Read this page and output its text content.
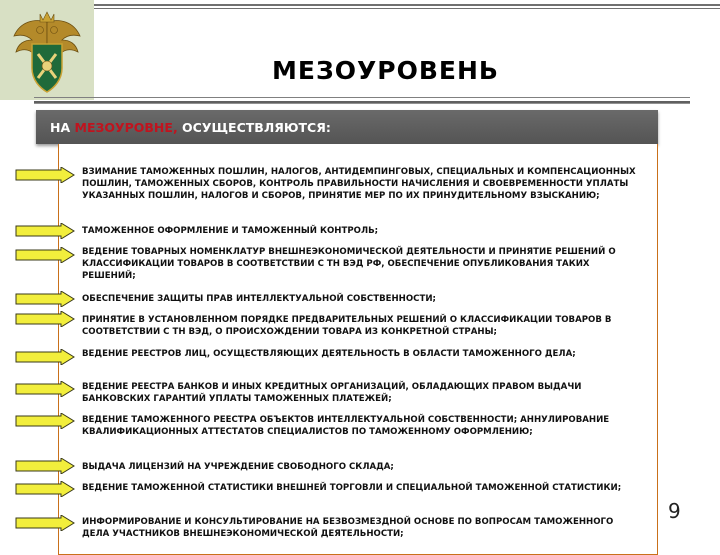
МЕЗОУРОВЕНЬ
НА МЕЗОУРОВНЕ, ОСУЩЕСТВЛЯЮТСЯ:
ВЗИМАНИЕ ТАМОЖЕННЫХ ПОШЛИН, НАЛОГОВ, АНТИДЕМПИНГОВЫХ, СПЕЦИАЛЬНЫХ И КОМПЕНСАЦИОННЫХ ПОШЛИН, ТАМОЖЕННЫХ СБОРОВ, КОНТРОЛЬ ПРАВИЛЬНОСТИ НАЧИСЛЕНИЯ И СВОЕВРЕМЕННОСТИ УПЛАТЫ УКАЗАННЫХ ПОШЛИН, НАЛОГОВ И СБОРОВ, ПРИНЯТИЕ МЕР ПО ИХ ПРИНУДИТЕЛЬНОМУ ВЗЫСКАНИЮ;
ТАМОЖЕННОЕ ОФОРМЛЕНИЕ И ТАМОЖЕННЫЙ КОНТРОЛЬ;
ВЕДЕНИЕ ТОВАРНЫХ НОМЕНКЛАТУР ВНЕШНЕЭКОНОМИЧЕСКОЙ ДЕЯТЕЛЬНОСТИ И ПРИНЯТИЕ РЕШЕНИЙ О КЛАССИФИКАЦИИ ТОВАРОВ В СООТВЕТСТВИИ С ТН ВЭД РФ, ОБЕСПЕЧЕНИЕ ОПУБЛИКОВАНИЯ ТАКИХ РЕШЕНИЙ;
ОБЕСПЕЧЕНИЕ ЗАЩИТЫ ПРАВ ИНТЕЛЛЕКТУАЛЬНОЙ СОБСТВЕННОСТИ;
ПРИНЯТИЕ В УСТАНОВЛЕННОМ ПОРЯДКЕ ПРЕДВАРИТЕЛЬНЫХ РЕШЕНИЙ О КЛАССИФИКАЦИИ ТОВАРОВ В СООТВЕТСТВИИ С ТН ВЭД, О ПРОИСХОЖДЕНИИ ТОВАРА ИЗ КОНКРЕТНОЙ СТРАНЫ;
ВЕДЕНИЕ РЕЕСТРОВ ЛИЦ, ОСУЩЕСТВЛЯЮЩИХ ДЕЯТЕЛЬНОСТЬ В ОБЛАСТИ ТАМОЖЕННОГО ДЕЛА;
ВЕДЕНИЕ РЕЕСТРА БАНКОВ И ИНЫХ КРЕДИТНЫХ ОРГАНИЗАЦИЙ, ОБЛАДАЮЩИХ ПРАВОМ ВЫДАЧИ БАНКОВСКИХ ГАРАНТИЙ УПЛАТЫ ТАМОЖЕННЫХ ПЛАТЕЖЕЙ;
ВЕДЕНИЕ ТАМОЖЕННОГО РЕЕСТРА ОБЪЕКТОВ ИНТЕЛЛЕКТУАЛЬНОЙ СОБСТВЕННОСТИ; АННУЛИРОВАНИЕ КВАЛИФИКАЦИОННЫХ АТТЕСТАТОВ СПЕЦИАЛИСТОВ ПО ТАМОЖЕННОМУ ОФОРМЛЕНИЮ;
ВЫДАЧА ЛИЦЕНЗИЙ НА УЧРЕЖДЕНИЕ СВОБОДНОГО СКЛАДА;
ВЕДЕНИЕ ТАМОЖЕННОЙ СТАТИСТИКИ ВНЕШНЕЙ ТОРГОВЛИ И СПЕЦИАЛЬНОЙ ТАМОЖЕННОЙ СТАТИСТИКИ;
ИНФОРМИРОВАНИЕ И КОНСУЛЬТИРОВАНИЕ НА БЕЗВОЗМЕЗДНОЙ ОСНОВЕ ПО ВОПРОСАМ ТАМОЖЕННОГО ДЕЛА УЧАСТНИКОВ ВНЕШНЕЭКОНОМИЧЕСКОЙ ДЕЯТЕЛЬНОСТИ;
9
